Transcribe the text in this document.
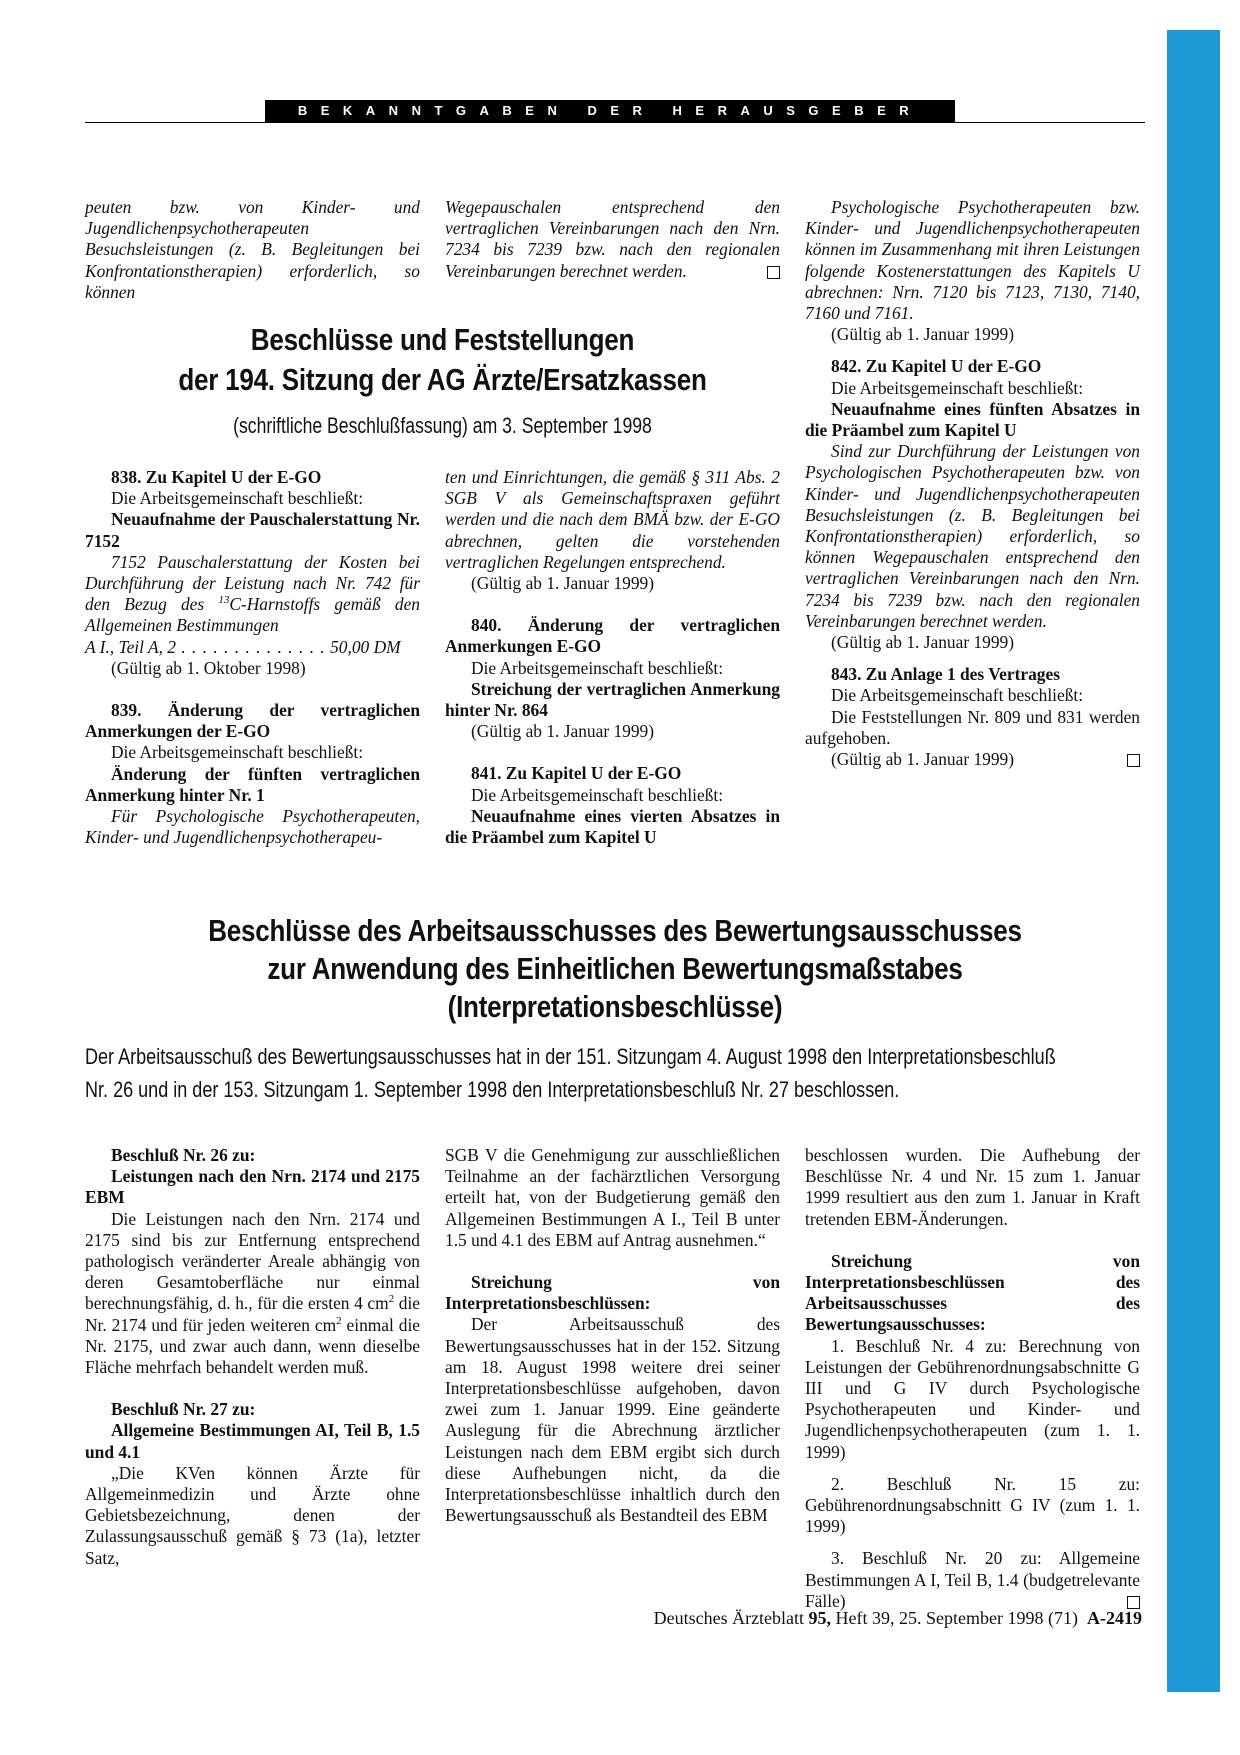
BEKANNTGABEN DER HERAUSGEBER

peuten bzw. von Kinder- und Jugendlichenpsychotherapeuten Besuchsleistungen (z. B. Begleitungen bei Konfrontationstherapien) erforderlich, so können

Wegepauschalen entsprechend den vertraglichen Vereinbarungen nach den Nrn. 7234 bis 7239 bzw. nach den regionalen Vereinbarungen berechnet werden.

Psychologische Psychotherapeuten bzw. Kinder- und Jugendlichenpsychotherapeuten können im Zusammenhang mit ihren Leistungen folgende Kostenerstattungen des Kapitels U abrechnen: Nrn. 7120 bis 7123, 7130, 7140, 7160 und 7161.

(Gültig ab 1. Januar 1999)

842. Zu Kapitel U der E-GO

Die Arbeitsgemeinschaft beschließt:

Neuaufnahme eines fünften Absatzes in die Präambel zum Kapitel U

Sind zur Durchführung der Leistungen von Psychologischen Psychotherapeuten bzw. von Kinder- und Jugendlichenpsychotherapeuten Besuchsleistungen (z. B. Begleitungen bei Konfrontationstherapien) erforderlich, so können Wegepauschalen entsprechend den vertraglichen Vereinbarungen nach den Nrn. 7234 bis 7239 bzw. nach den regionalen Vereinbarungen berechnet werden.

(Gültig ab 1. Januar 1999)

843. Zu Anlage 1 des Vertrages

Die Arbeitsgemeinschaft beschließt:

Die Feststellungen Nr. 809 und 831 werden aufgehoben.

(Gültig ab 1. Januar 1999)

Beschlüsse und Feststellungen
der 194. Sitzung der AG Ärzte/Ersatzkassen
(schriftliche Beschlußfassung) am 3. September 1998

838. Zu Kapitel U der E-GO

Die Arbeitsgemeinschaft beschließt:

Neuaufnahme der Pauschalerstattung Nr. 7152

7152 Pauschalerstattung der Kosten bei Durchführung der Leistung nach Nr. 742 für den Bezug des $^{13}$C-Harnstoffs gemäß den Allgemeinen Bestimmungen

A I., Teil A, 2 . . . . . . . . . . . . . . 50,00 DM

(Gültig ab 1. Oktober 1998)

839. Änderung der vertraglichen Anmerkungen der E-GO

Die Arbeitsgemeinschaft beschließt:

Änderung der fünften vertraglichen Anmerkung hinter Nr. 1

Für Psychologische Psychotherapeuten, Kinder- und Jugendlichenpsychotherapeu-

ten und Einrichtungen, die gemäß § 311 Abs. 2 SGB V als Gemeinschaftspraxen geführt werden und die nach dem BMÄ bzw. der E-GO abrechnen, gelten die vorstehenden vertraglichen Regelungen entsprechend.

(Gültig ab 1. Januar 1999)

840. Änderung der vertraglichen Anmerkungen E-GO

Die Arbeitsgemeinschaft beschließt:

Streichung der vertraglichen Anmerkung hinter Nr. 864

(Gültig ab 1. Januar 1999)

841. Zu Kapitel U der E-GO

Die Arbeitsgemeinschaft beschließt:

Neuaufnahme eines vierten Absatzes in die Präambel zum Kapitel U

Beschlüsse des Arbeitsausschusses des Bewertungsausschusses
zur Anwendung des Einheitlichen Bewertungsmaßstabes
(Interpretationsbeschlüsse)
Der Arbeitsausschuß des Bewertungsausschusses hat in der 151. Sitzungam 4. August 1998 den Interpretationsbeschluß
Nr. 26 und in der 153. Sitzungam 1. September 1998 den Interpretationsbeschluß Nr. 27 beschlossen.

Beschluß Nr. 26 zu:

Leistungen nach den Nrn. 2174 und 2175 EBM

Die Leistungen nach den Nrn. 2174 und 2175 sind bis zur Entfernung entsprechend pathologisch veränderter Areale abhängig von deren Gesamtoberfläche nur einmal berechnungsfähig, d. h., für die ersten 4 $cm^2$ die Nr. 2174 und für jeden weiteren $cm^2$ einmal die Nr. 2175, und zwar auch dann, wenn dieselbe Fläche mehrfach behandelt werden muß.

Beschluß Nr. 27 zu:

Allgemeine Bestimmungen AI, Teil B, 1.5 und 4.1

„Die KVen können Ärzte für Allgemeinmedizin und Ärzte ohne Gebietsbezeichnung, denen der Zulassungsausschuß gemäß § 73 (1a), letzter Satz,

SGB V die Genehmigung zur ausschließlichen Teilnahme an der fachärztlichen Versorgung erteilt hat, von der Budgetierung gemäß den Allgemeinen Bestimmungen A I., Teil B unter 1.5 und 4.1 des EBM auf Antrag ausnehmen.“

Streichung von Interpretationsbeschlüssen:

Der Arbeitsausschuß des Bewertungsausschusses hat in der 152. Sitzung am 18. August 1998 weitere drei seiner Interpretationsbeschlüsse aufgehoben, davon zwei zum 1. Januar 1999. Eine geänderte Auslegung für die Abrechnung ärztlicher Leistungen nach dem EBM ergibt sich durch diese Aufhebungen nicht, da die Interpretationsbeschlüsse inhaltlich durch den Bewertungsausschuß als Bestandteil des EBM

beschlossen wurden. Die Aufhebung der Beschlüsse Nr. 4 und Nr. 15 zum 1. Januar 1999 resultiert aus den zum 1. Januar in Kraft tretenden EBM-Änderungen.

Streichung von Interpretationsbeschlüssen des Arbeitsausschusses des Bewertungsausschusses:

1. Beschluß Nr. 4 zu: Berechnung von Leistungen der Gebührenordnungsabschnitte G III und G IV durch Psychologische Psychotherapeuten und Kinder- und Jugendlichenpsychotherapeuten (zum 1. 1. 1999)

2. Beschluß Nr. 15 zu: Gebührenordnungsabschnitt G IV (zum 1. 1. 1999)

3. Beschluß Nr. 20 zu: Allgemeine Bestimmungen A I, Teil B, 1.4 (budgetrelevante Fälle)

Deutsches Ärzteblatt 95, Heft 39, 25. September 1998 (71) A-2419
